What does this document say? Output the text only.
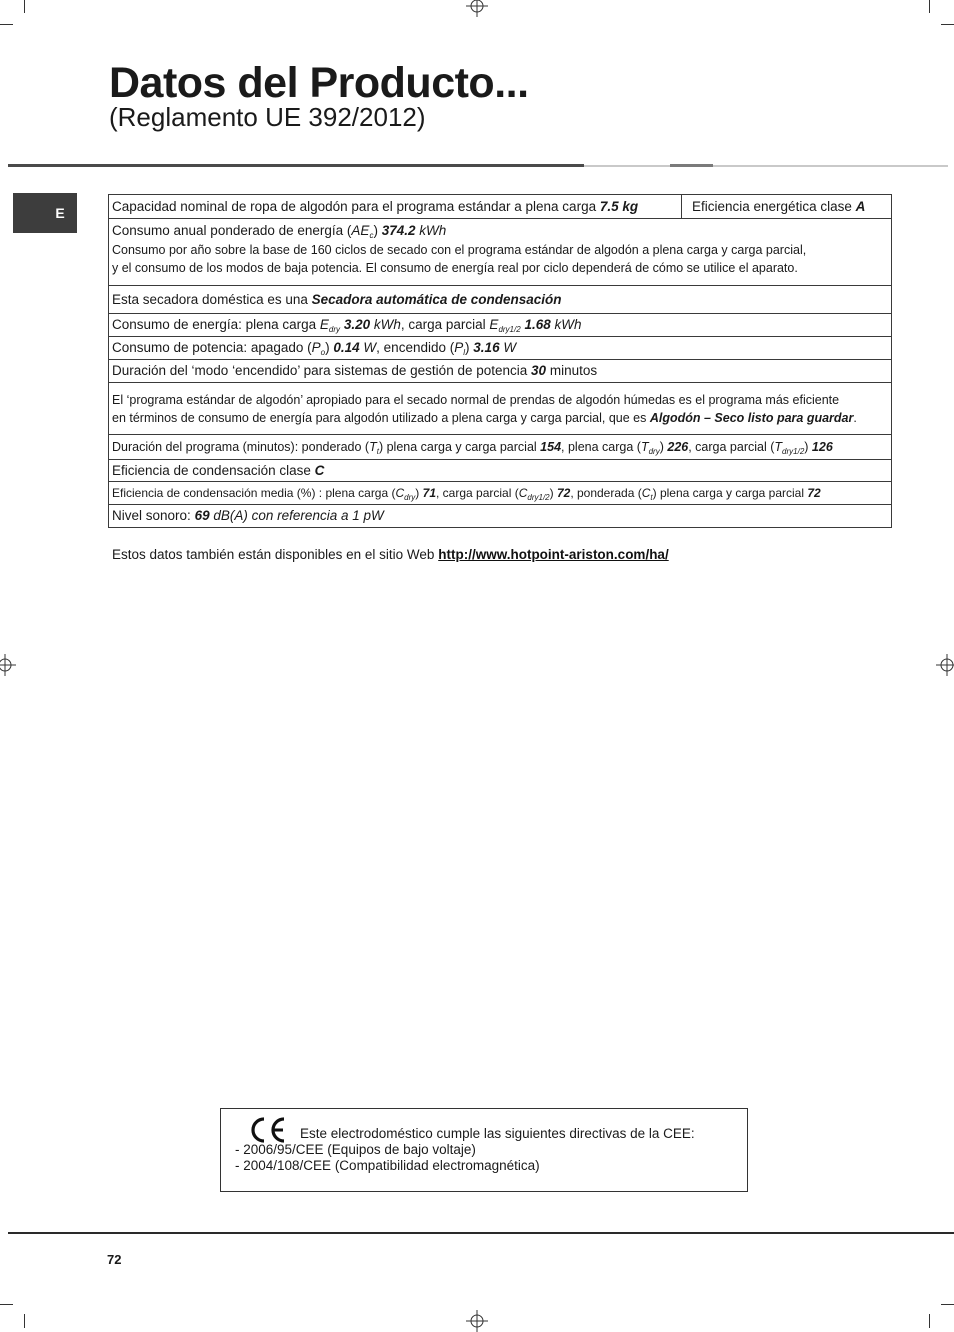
Datos del Producto...
(Reglamento UE 392/2012)
E	Capacidad nominal de ropa de algodón para el programa estándar a plena carga 7.5 kg	Eficiencia energética clase A

Consumo anual ponderado de energía $(AE_c)$ 374.2 kWh
Consumo por año sobre la base de 160 ciclos de secado con el programa estándar de algodón a plena carga y carga parcial,
y el consumo de los modos de baja potencia. El consumo de energía real por ciclo dependerá de cómo se utilice el aparato.

Esta secadora doméstica es una Secadora automática de condensación
Consumo de energía: plena carga $E_{dry}$ 3.20 kWh, carga parcial $E_{dry1/2}$ 1.68 kWh
Consumo de potencia: apagado $(P_o)$ 0.14 W, encendido $(P_l)$ 3.16 W
Duración del ‘modo ‘encendido’ para sistemas de gestión de potencia 30 minutos

El ‘programa estándar de algodón’ apropiado para el secado normal de prendas de algodón húmedas es el programa más eficiente
en términos de consumo de energía para algodón utilizado a plena carga y carga parcial, que es Algodón – Seco listo para guardar.

Duración del programa (minutos): ponderado $(T_t)$ plena carga y carga parcial 154, plena carga $(T_{dry})$ 226, carga parcial $(T_{dry1/2})$ 126
Eficiencia de condensación clase C
Eficiencia de condensación media (%) : plena carga $(C_{dry})$ 71, carga parcial $(C_{dry1/2})$ 72, ponderada $(C_t)$ plena carga y carga parcial 72
Nivel sonoro: 69 dB(A) con referencia a 1 pW
Estos datos también están disponibles en el sitio Web http://www.hotpoint-ariston.com/ha/
Este electrodoméstico cumple las siguientes directivas de la CEE:
- 2006/95/CEE (Equipos de bajo voltaje)
- 2004/108/CEE (Compatibilidad electromagnética)
72
